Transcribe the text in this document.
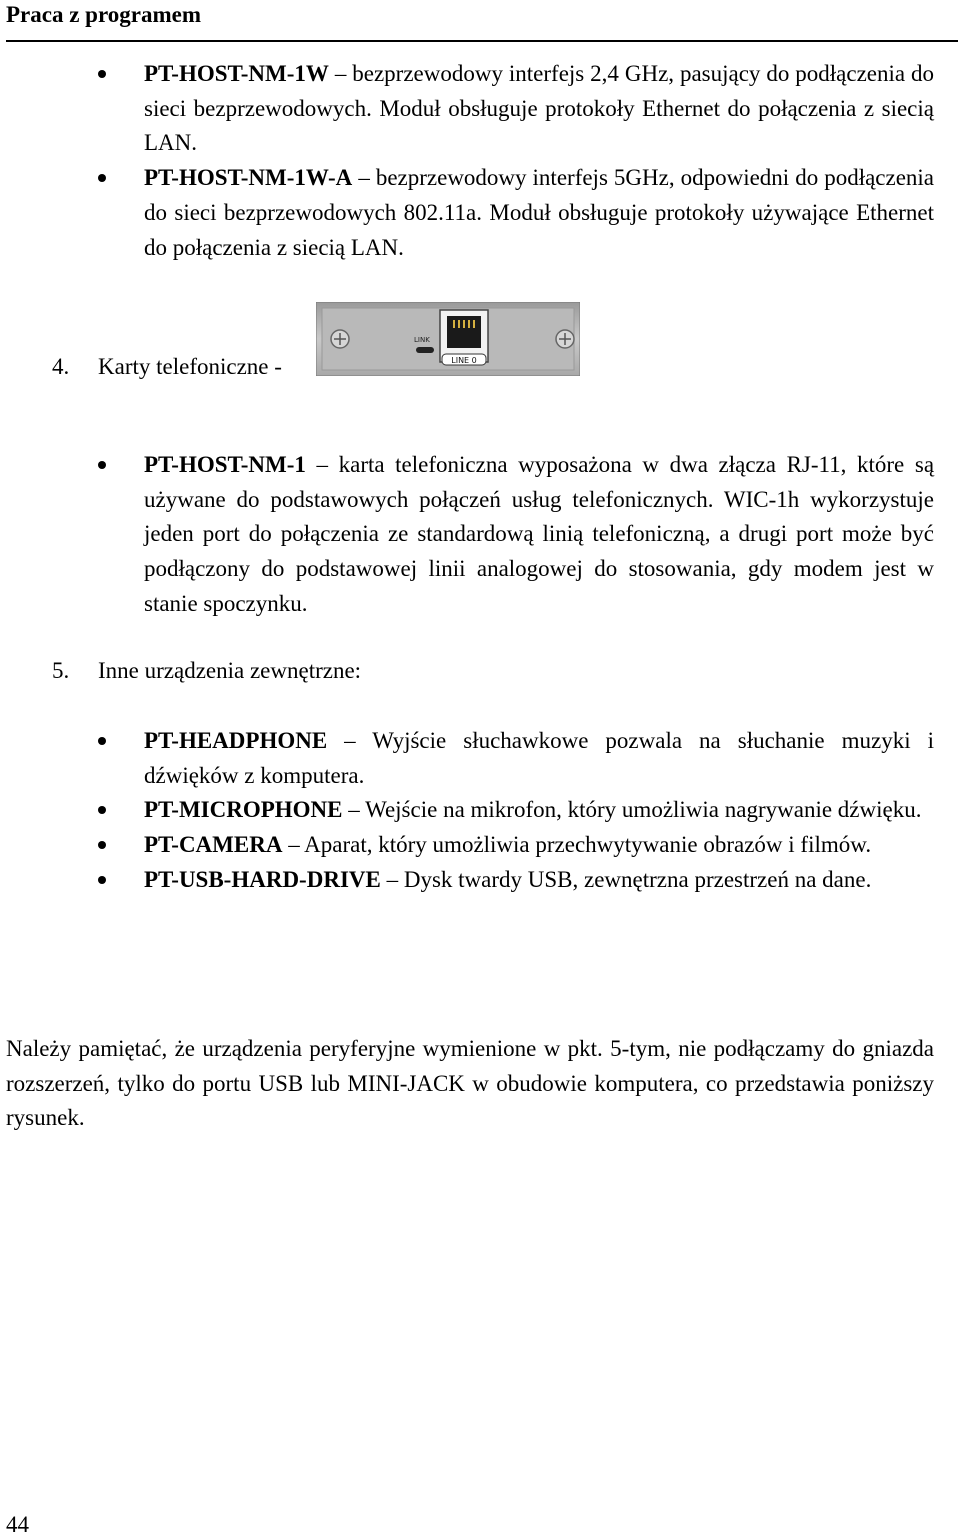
Praca z programem
PT-HOST-NM-1W – bezprzewodowy interfejs 2,4 GHz, pasujący do podłączenia do sieci bezprzewodowych. Moduł obsługuje protokoły Ethernet do połączenia z siecią LAN.
PT-HOST-NM-1W-A – bezprzewodowy interfejs 5GHz, odpowiedni do podłączenia do sieci bezprzewodowych 802.11a. Moduł obsługuje protokoły używające Ethernet do połączenia z siecią LAN.
4. Karty telefoniczne -
LINK
LINE 0
PT-HOST-NM-1 – karta telefoniczna wyposażona w dwa złącza RJ-11, które są używane do podstawowych połączeń usług telefonicznych. WIC-1h wykorzystuje jeden port do połączenia ze standardową linią telefoniczną, a drugi port może być podłączony do podstawowej linii analogowej do stosowania, gdy modem jest w stanie spoczynku.
5. Inne urządzenia zewnętrzne:
PT-HEADPHONE – Wyjście słuchawkowe pozwala na słuchanie muzyki i dźwięków z komputera.
PT-MICROPHONE – Wejście na mikrofon, który umożliwia nagrywanie dźwięku.
PT-CAMERA – Aparat, który umożliwia przechwytywanie obrazów i filmów.
PT-USB-HARD-DRIVE – Dysk twardy USB, zewnętrzna przestrzeń na dane.
Należy pamiętać, że urządzenia peryferyjne wymienione w pkt. 5-tym, nie podłączamy do gniazda rozszerzeń, tylko do portu USB lub MINI-JACK w obudowie komputera, co przedstawia poniższy rysunek.
44
